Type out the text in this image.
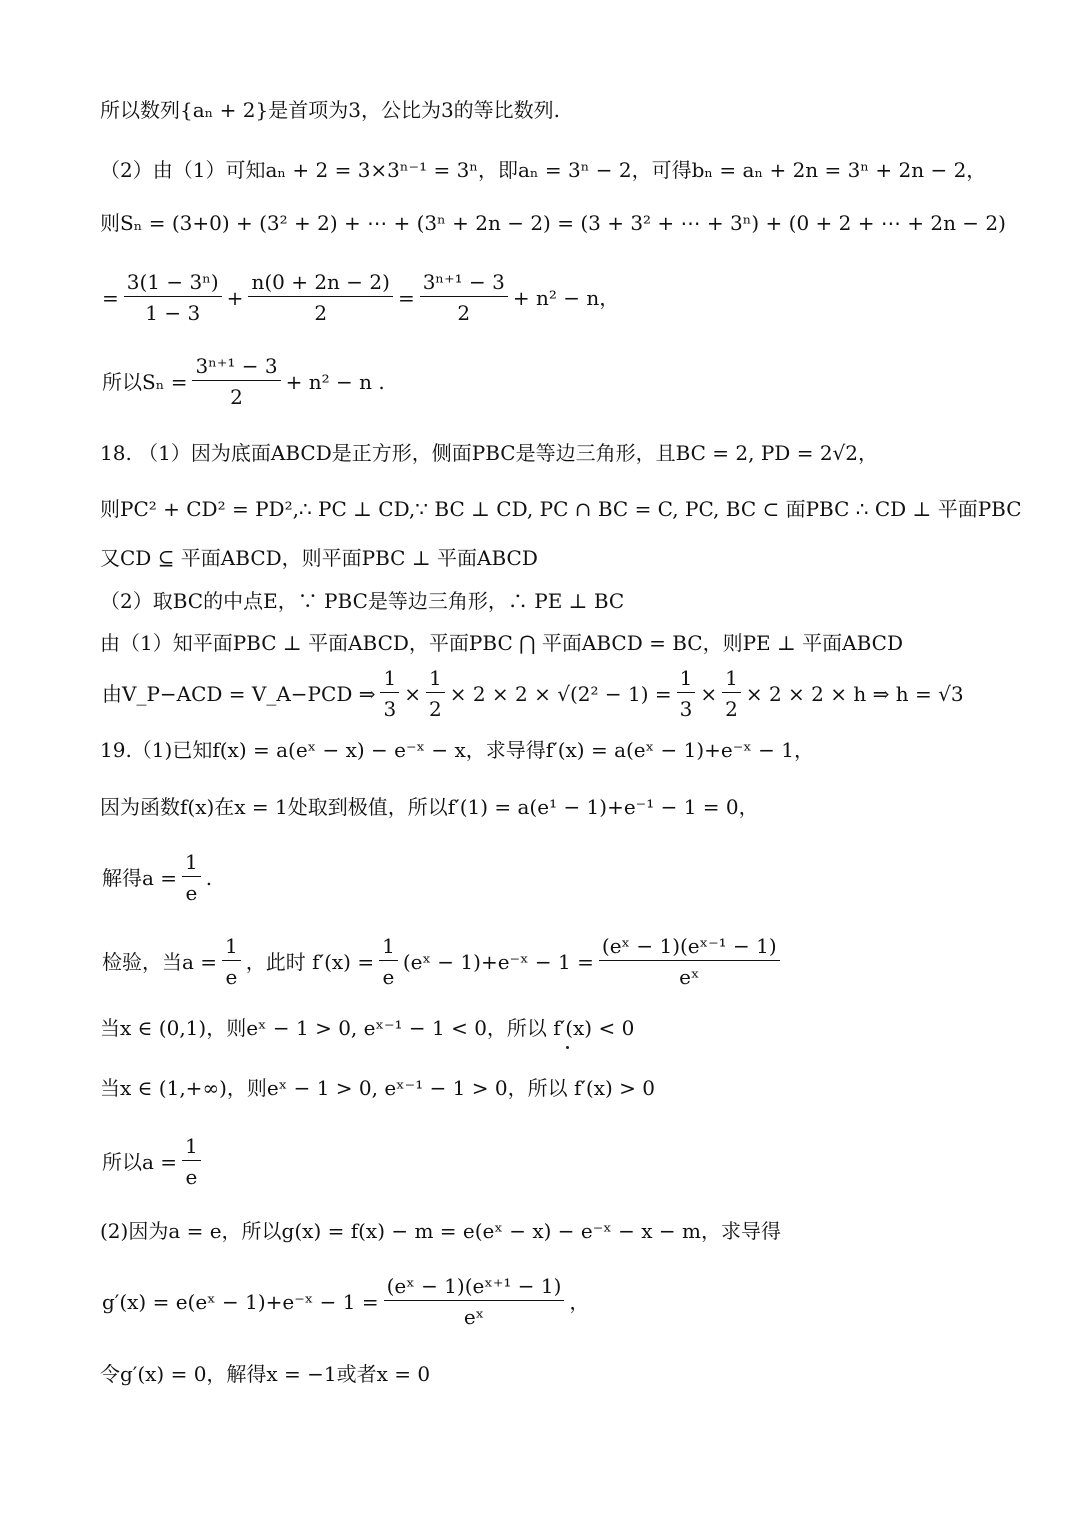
所以数列{aₙ + 2}是首项为3，公比为3的等比数列.
（2）由（1）可知aₙ + 2 = 3×3ⁿ⁻¹ = 3ⁿ，即aₙ = 3ⁿ − 2，可得bₙ = aₙ + 2n = 3ⁿ + 2n − 2，
则Sₙ = (3+0) + (3² + 2) + ⋯ + (3ⁿ + 2n − 2) = (3 + 3² + ⋯ + 3ⁿ) + (0 + 2 + ⋯ + 2n − 2)
= $\frac{\text{3(1 − 3ⁿ)}}{1 - 3} + \frac{n(0 + 2n - 2)}{2} = \frac{\text{3ⁿ⁺¹ − 3}}{2} + n^2 - n$，
所以$S_n = \frac{\text{3ⁿ⁺¹ − 3}}{2} + n^2 - n$ .
18. （1）因为底面ABCD是正方形，侧面PBC是等边三角形，且BC = 2, PD = 2√2，
则PC² + CD² = PD²,∴ PC ⊥ CD,∵ BC ⊥ CD, PC ∩ BC = C, PC, BC ⊂ 面PBC ∴ CD ⊥ 平面PBC
又CD ⊆ 平面ABCD，则平面PBC ⊥ 平面ABCD
（2）取BC的中点E，∵ PBC是等边三角形，∴ PE ⊥ BC
由（1）知平面PBC ⊥ 平面ABCD，平面PBC ⋂ 平面ABCD = BC，则PE ⊥ 平面ABCD
由V_P−ACD = V_A−PCD ⇒ $\frac{1}{3} \times \frac{1}{2} \times 2 \times 2 \times √(2^2 - 1) = \frac{1}{3} \times \frac{1}{2} \times 2 \times 2 \times h$ ⇒ h = √3
19.（1)已知f(x) = a(eˣ − x) − e⁻ˣ − x，求导得f′(x) = a(eˣ − 1)+e⁻ˣ − 1，
因为函数f(x)在x = 1处取到极值，所以f′(1) = a(e¹ − 1)+e⁻¹ − 1 = 0，
解得$a = \frac{1}{e}$ .
检验，当$a = \frac{1}{e}$ ，此时 $f'(x) = \frac{1}{e}$ (eˣ − 1)+e⁻ˣ − $1 = \frac{\text{(eˣ − 1)(eˣ⁻¹ − 1)}}{\text{eˣ}}$
当x ∈ (0,1)，则eˣ − 1 > 0, eˣ⁻¹ − 1 < 0，所以 f′(x) < 0
当x ∈ (1,+∞)，则eˣ − 1 > 0, eˣ⁻¹ − 1 > 0，所以 f′(x) > 0
所以$a = \frac{1}{e}$
(2)因为a = e，所以g(x) = f(x) − m = e(eˣ − x) − e⁻ˣ − x − m，求导得
g′(x) = e(eˣ − 1)+e⁻ˣ − $1 = \frac{\text{(eˣ − 1)(eˣ⁺¹ − 1)}}{\text{eˣ}}$ ，
令g′(x) = 0，解得x = −1或者x = 0
